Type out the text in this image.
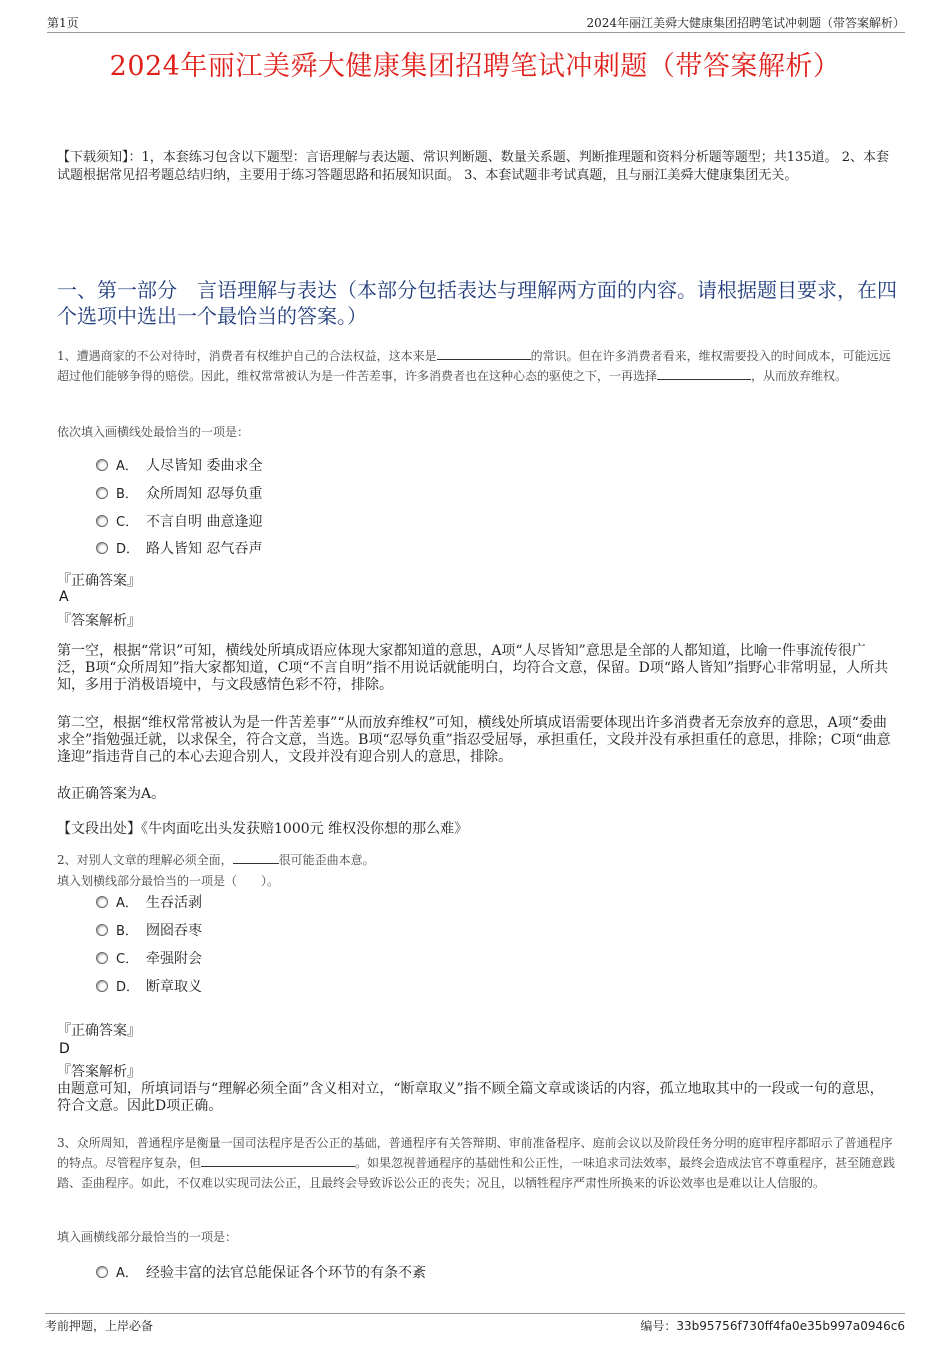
第1页	2024年丽江美舜大健康集团招聘笔试冲刺题（带答案解析）
2024年丽江美舜大健康集团招聘笔试冲刺题（带答案解析）
【下载须知】：1，本套练习包含以下题型：言语理解与表达题、常识判断题、数量关系题、判断推理题和资料分析题等题型；共135道。 2、本套试题根据常见招考题总结归纳，主要用于练习答题思路和拓展知识面。 3、本套试题非考试真题，且与丽江美舜大健康集团无关。
一、第一部分　言语理解与表达（本部分包括表达与理解两方面的内容。请根据题目要求，在四个选项中选出一个最恰当的答案。）
1、遭遇商家的不公对待时，消费者有权维护自己的合法权益，这本来是	的常识。但在许多消费者看来，维权需要投入的时间成本，可能远远超过他们能够争得的赔偿。因此，维权常常被认为是一件苦差事，许多消费者也在这种心态的驱使之下，一再选择	，从而放弃维权。
依次填入画横线处最恰当的一项是：
A． 人尽皆知 委曲求全
B． 众所周知 忍辱负重
C． 不言自明 曲意逢迎
D． 路人皆知 忍气吞声
『正确答案』
A
『答案解析』
第一空，根据“常识”可知，横线处所填成语应体现大家都知道的意思，A项“人尽皆知”意思是全部的人都知道，比喻一件事流传很广泛，B项“众所周知”指大家都知道，C项“不言自明”指不用说话就能明白，均符合文意，保留。D项“路人皆知”指野心非常明显，人所共知，多用于消极语境中，与文段感情色彩不符，排除。
第二空，根据“维权常常被认为是一件苦差事”“从而放弃维权”可知，横线处所填成语需要体现出许多消费者无奈放弃的意思，A项“委曲求全”指勉强迁就，以求保全，符合文意，当选。B项“忍辱负重”指忍受屈辱，承担重任，文段并没有承担重任的意思，排除；C项“曲意逢迎”指违背自己的本心去迎合别人，文段并没有迎合别人的意思，排除。
故正确答案为A。
【文段出处】《牛肉面吃出头发获赔1000元 维权没你想的那么难》
2、对别人文章的理解必须全面，	很可能歪曲本意。
填入划横线部分最恰当的一项是（　　）。
A． 生吞活剥
B． 囫囵吞枣
C． 牵强附会
D． 断章取义
『正确答案』
D
『答案解析』
由题意可知，所填词语与“理解必须全面”含义相对立，“断章取义”指不顾全篇文章或谈话的内容，孤立地取其中的一段或一句的意思，符合文意。因此D项正确。
3、众所周知，普通程序是衡量一国司法程序是否公正的基础，普通程序有关答辩期、审前准备程序、庭前会议以及阶段任务分明的庭审程序都昭示了普通程序的特点。尽管程序复杂，但	。如果忽视普通程序的基础性和公正性，一味追求司法效率，最终会造成法官不尊重程序，甚至随意践踏、歪曲程序。如此，不仅难以实现司法公正，且最终会导致诉讼公正的丧失；况且，以牺牲程序严肃性所换来的诉讼效率也是难以让人信服的。
填入画横线部分最恰当的一项是：
A． 经验丰富的法官总能保证各个环节的有条不紊
考前押题，上岸必备	编号：33b95756f730ff4fa0e35b997a0946c6
